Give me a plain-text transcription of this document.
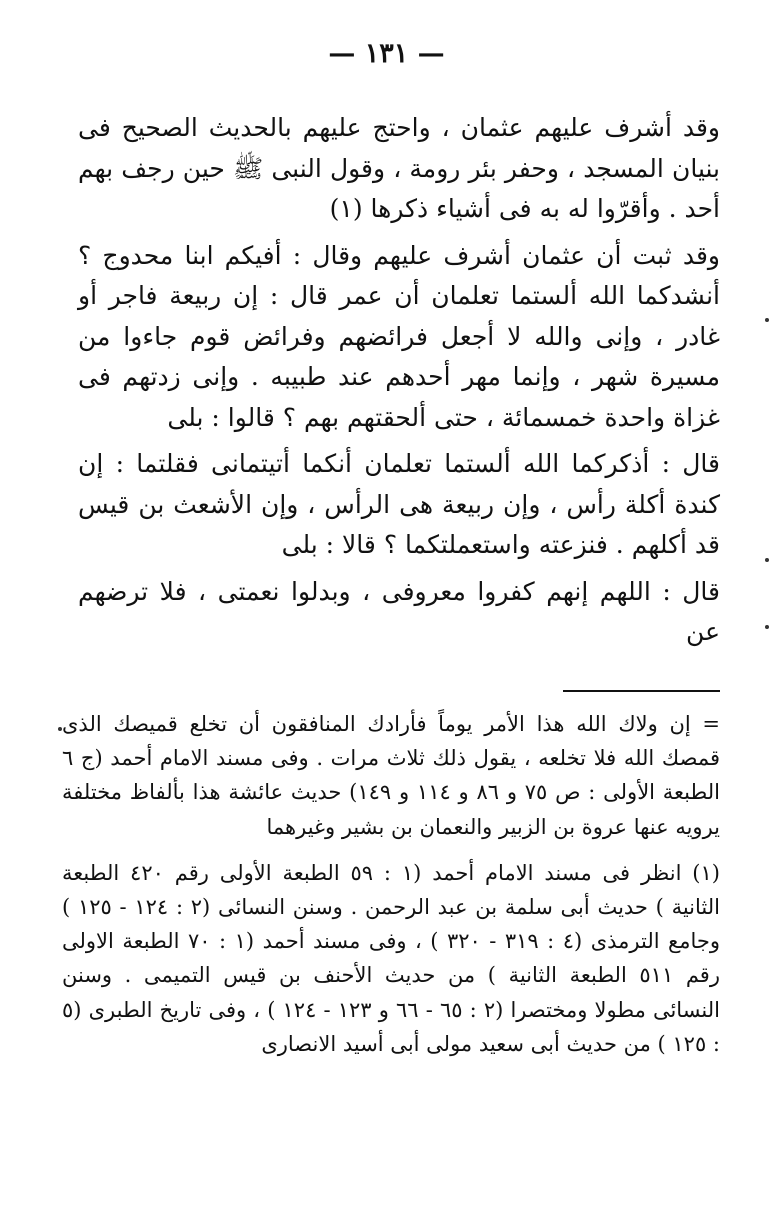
— ١٣١ —

وقد أشرف عليهم عثمان ، واحتج عليهم بالحديث الصحيح فى بنيان المسجد ، وحفر بئر رومة ، وقول النبى ﷺ حين رجف بهم أحد . وأقرّوا له به فى أشياء ذكرها (١)

وقد ثبت أن عثمان أشرف عليهم وقال : أفيكم ابنا محدوج ؟ أنشدكما الله ألستما تعلمان أن عمر قال : إن ربيعة فاجر أو غادر ، وإنى والله لا أجعل فرائضهم وفرائض قوم جاءوا من مسيرة شهر ، وإنما مهر أحدهم عند طبيبه . وإنى زدتهم فى غزاة واحدة خمسمائة ، حتى ألحقتهم بهم ؟ قالوا : بلى

قال : أذكركما الله ألستما تعلمان أنكما أتيتمانى فقلتما : إن كندة أكلة رأس ، وإن ربيعة هى الرأس ، وإن الأشعث بن قيس قد أكلهم . فنزعته واستعملتكما ؟ قالا : بلى

قال : اللهم إنهم كفروا معروفى ، وبدلوا نعمتى ، فلا ترضهم عن

= إن ولاك الله هذا الأمر يوماً فأرادك المنافقون أن تخلع قميصك الذى قمصك الله فلا تخلعه ، يقول ذلك ثلاث مرات . وفى مسند الامام أحمد (ج ٦ الطبعة الأولى : ص ٧٥ و ٨٦ و ١١٤ و ١٤٩) حديث عائشة هذا بألفاظ مختلفة يرويه عنها عروة بن الزبير والنعمان بن بشير وغيرهما

(١) انظر فى مسند الامام أحمد (١ : ٥٩ الطبعة الأولى رقم ٤٢٠ الطبعة الثانية ) حديث أبى سلمة بن عبد الرحمن . وسنن النسائى (٢ : ١٢٤ - ١٢٥ ) وجامع الترمذى (٤ : ٣١٩ - ٣٢٠ ) ، وفى مسند أحمد (١ : ٧٠ الطبعة الاولى رقم ٥١١ الطبعة الثانية ) من حديث الأحنف بن قيس التميمى . وسنن النسائى مطولا ومختصرا (٢ : ٦٥ - ٦٦ و ١٢٣ - ١٢٤ ) ، وفى تاريخ الطبرى (٥ : ١٢٥ ) من حديث أبى سعيد مولى أبى أسيد الانصارى
